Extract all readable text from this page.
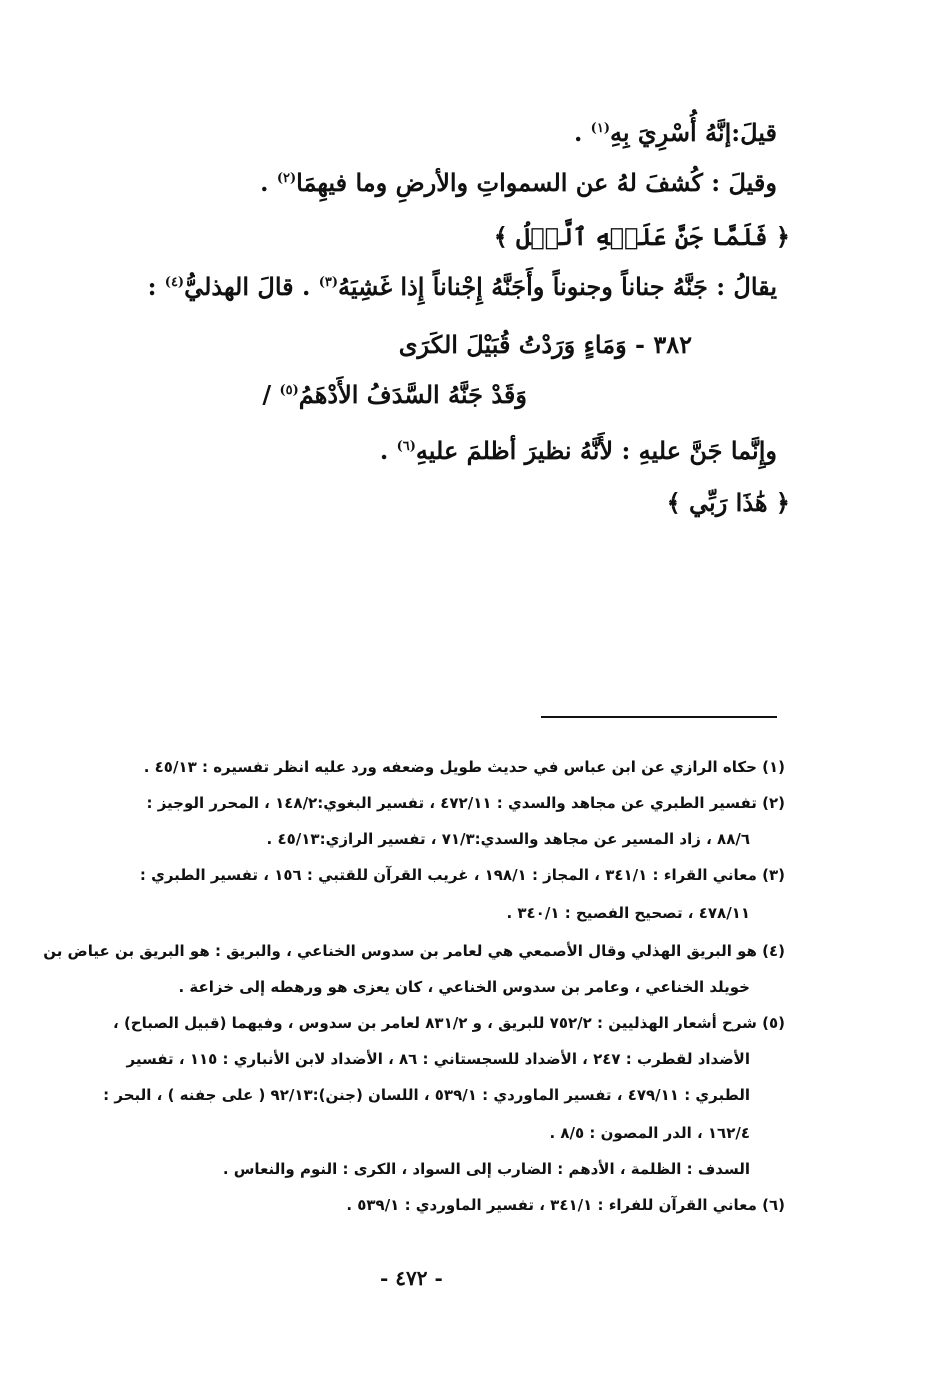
قيلَ:إنَّهُ أُسْرِيَ بِهِ$^{(١)}$ .
وقيلَ : كُشفَ لهُ عن السمواتِ والأرضِ وما فيهِمَا$^{(٢)}$ .
﴿ فَلَمَّا جَنَّ عَلَيۡهِ ٱلَّيۡلُ ﴾
يقالُ : جَنَّهُ جناناً وجنوناً وأَجَنَّهُ إِجْناناً إِذا غَشِيَهُ$^{(٣)}$ . قالَ الهذليُّ$^{(٤)}$ :
٣٨٢ - وَمَاءٍ وَرَدْتُ قُبَيْلَ الكَرَى
وَقَدْ جَنَّهُ السَّدَفُ الأَدْهَمُ$^{(٥)}$ /
وإِنَّما جَنَّ عليهِ : لأَنَّهُ نظيرَ أظلمَ عليهِ$^{(٦)}$ .
﴿ هَٰذَا رَبِّي ﴾
(١) حكاه الرازي عن ابن عباس في حديث طويل وضعفه ورد عليه انظر تفسيره : ٤٥/١٣ .
(٢) تفسير الطبري عن مجاهد والسدي : ٤٧٢/١١ ، تفسير البغوي:١٤٨/٢ ، المحرر الوجيز :
٨٨/٦ ، زاد المسير عن مجاهد والسدي:٧١/٣ ، تفسير الرازي:٤٥/١٣ .
(٣) معاني القراء : ٣٤١/١ ، المجاز : ١٩٨/١ ، غريب القرآن للقتبي : ١٥٦ ، تفسير الطبري :
٤٧٨/١١ ، تصحيح الفصيح : ٣٤٠/١ .
(٤) هو البريق الهذلي وقال الأصمعي هي لعامر بن سدوس الخناعي ، والبريق : هو البريق بن عياض بن
خويلد الخناعي ، وعامر بن سدوس الخناعي ، كان يعزى هو ورهطه إلى خزاعة .
(٥) شرح أشعار الهذليين : ٧٥٢/٢ للبريق ، و ٨٣١/٢ لعامر بن سدوس ، وفيهما (قبيل الصباح) ،
الأضداد لقطرب : ٢٤٧ ، الأضداد للسجستاني : ٨٦ ، الأضداد لابن الأنباري : ١١٥ ، تفسير
الطبري : ٤٧٩/١١ ، تفسير الماوردي : ٥٣٩/١ ، اللسان (جنن):٩٢/١٣ ( على جفنه ) ، البحر :
١٦٢/٤ ، الدر المصون : ٨/٥ .
السدف : الظلمة ، الأدهم : الضارب إلى السواد ، الكرى : النوم والنعاس .
(٦) معاني القرآن للفراء : ٣٤١/١ ، تفسير الماوردي : ٥٣٩/١ .
- ٤٧٢ -
